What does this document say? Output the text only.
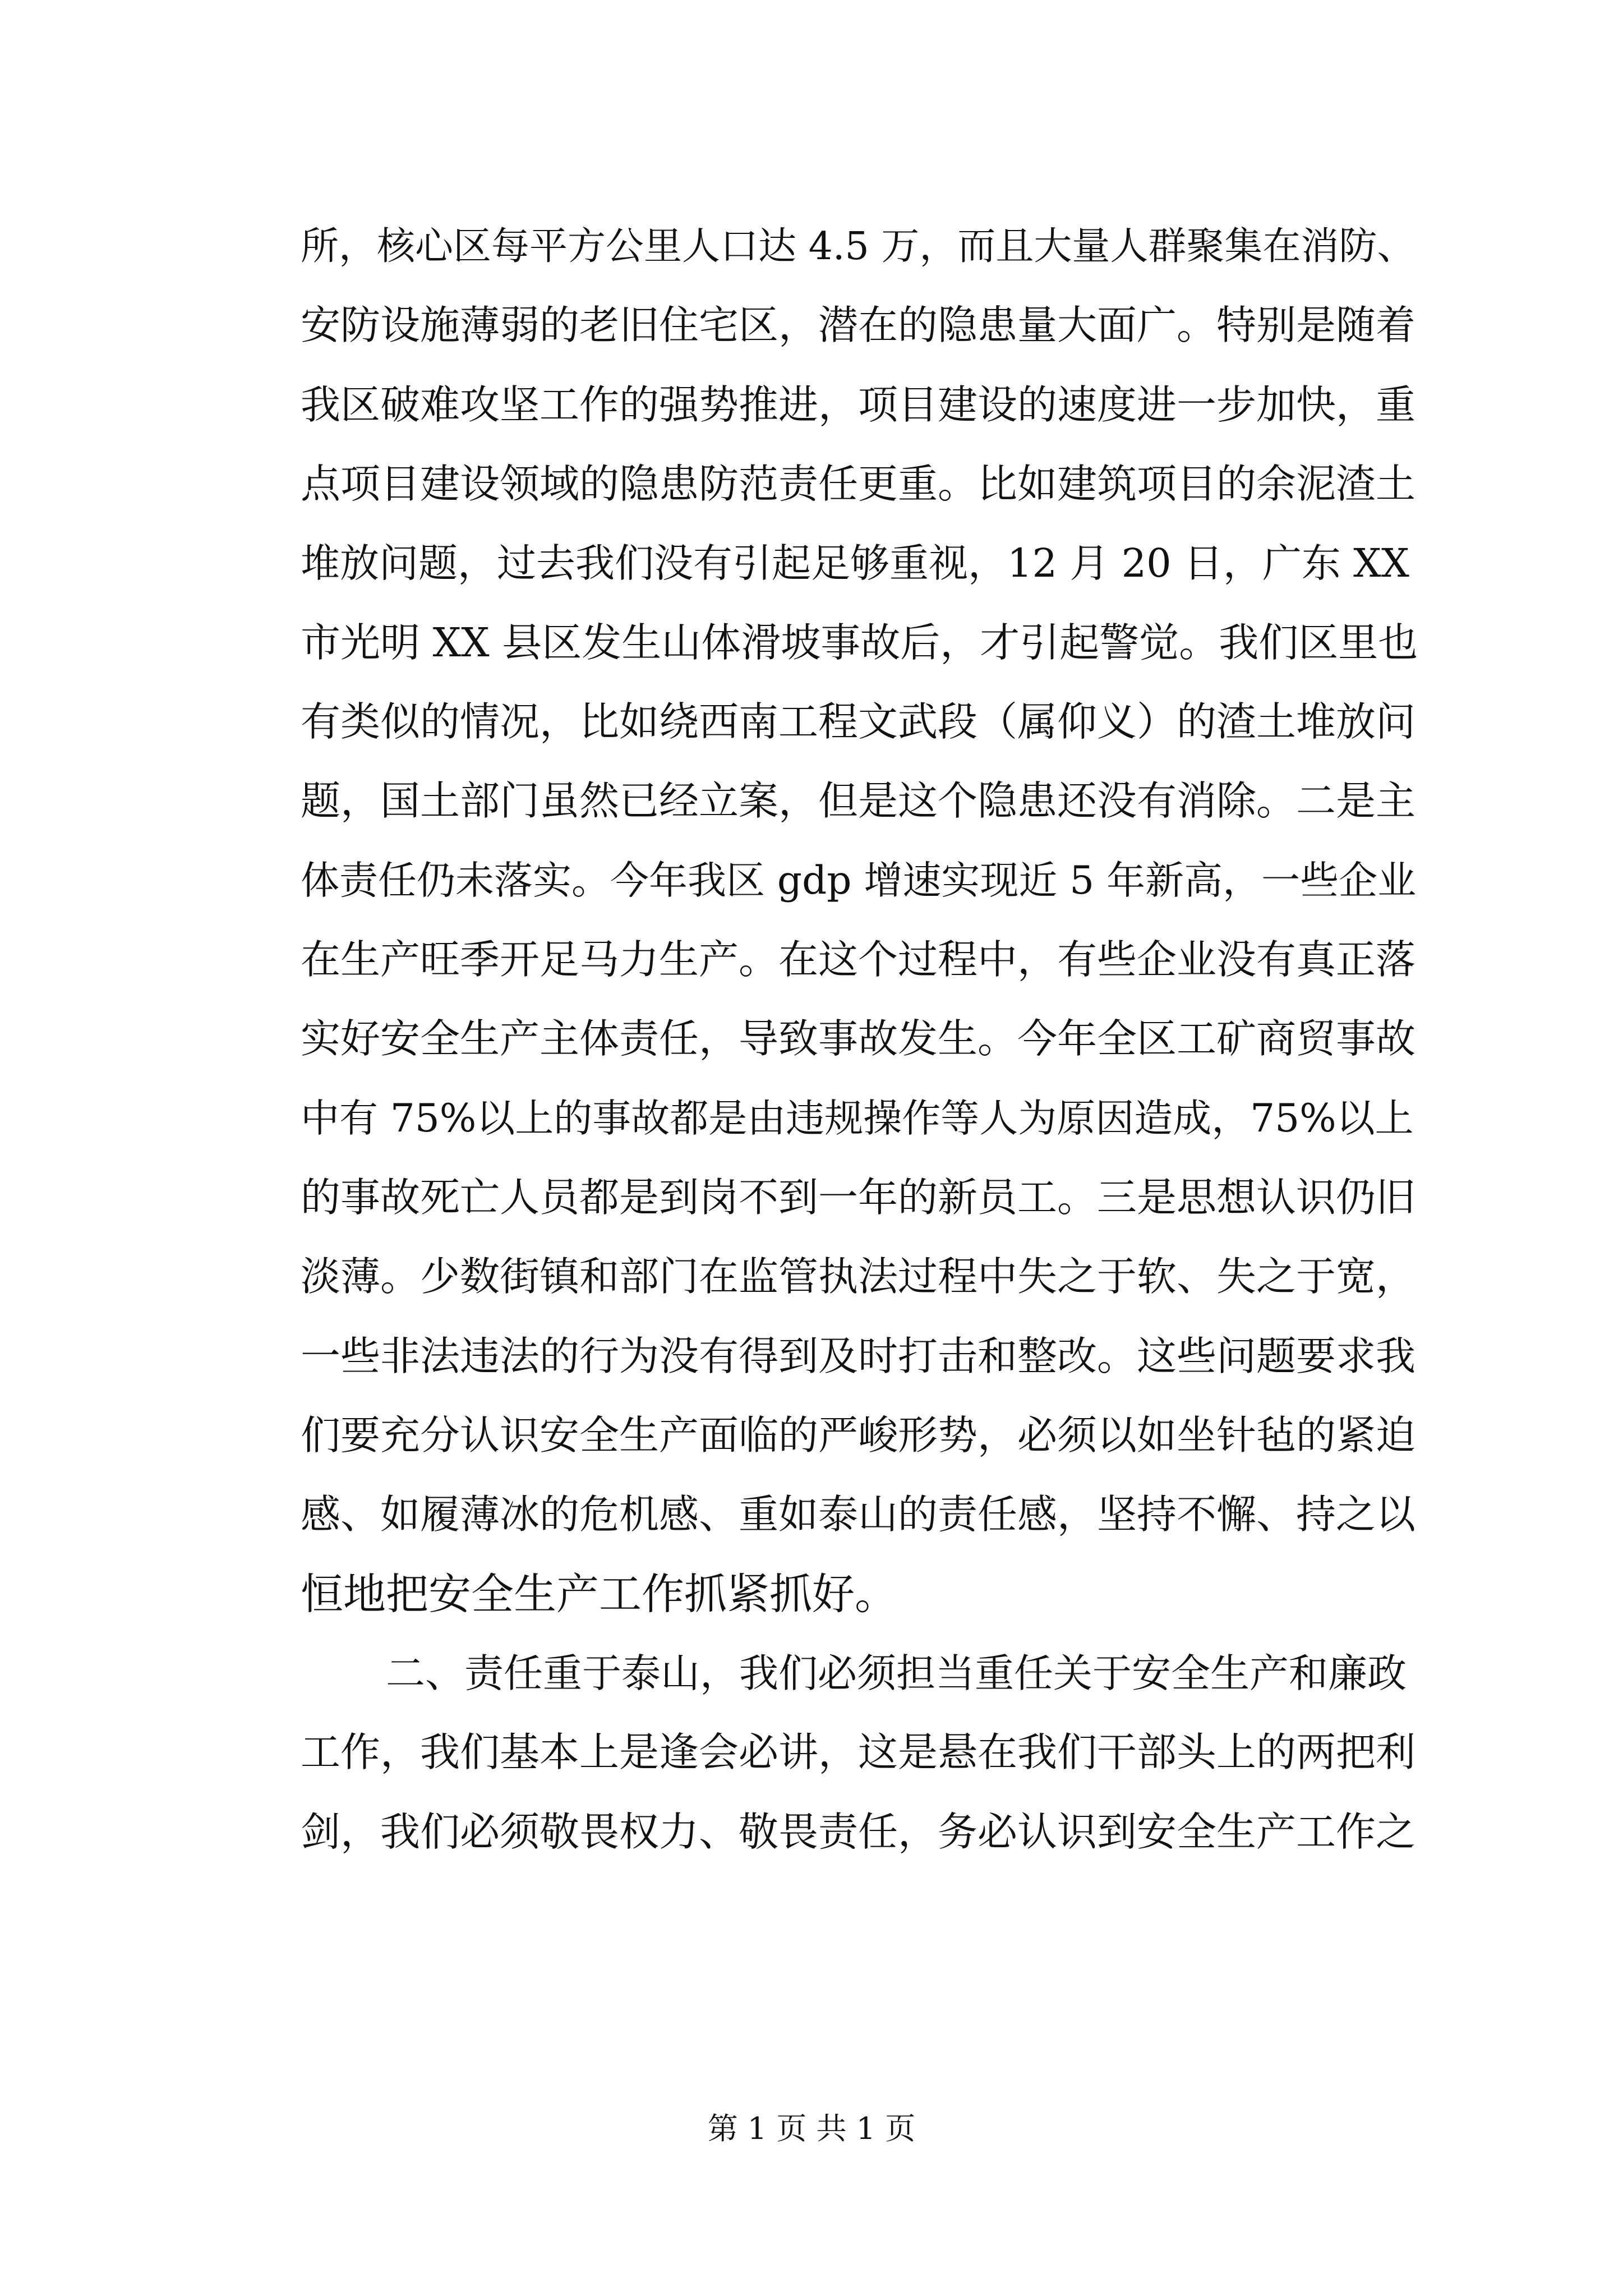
所，核心区每平方公里人口达 4.5 万，而且大量人群聚集在消防、
安防设施薄弱的老旧住宅区，潜在的隐患量大面广。特别是随着
我区破难攻坚工作的强势推进，项目建设的速度进一步加快，重
点项目建设领域的隐患防范责任更重。比如建筑项目的余泥渣土
堆放问题，过去我们没有引起足够重视，12 月 20 日，广东 XX
市光明 XX 县区发生山体滑坡事故后，才引起警觉。我们区里也
有类似的情况，比如绕西南工程文武段（属仰义）的渣土堆放问
题，国土部门虽然已经立案，但是这个隐患还没有消除。二是主
体责任仍未落实。今年我区 gdp 增速实现近 5 年新高，一些企业
在生产旺季开足马力生产。在这个过程中，有些企业没有真正落
实好安全生产主体责任，导致事故发生。今年全区工矿商贸事故
中有 75%以上的事故都是由违规操作等人为原因造成，75%以上
的事故死亡人员都是到岗不到一年的新员工。三是思想认识仍旧
淡薄。少数街镇和部门在监管执法过程中失之于软、失之于宽，
一些非法违法的行为没有得到及时打击和整改。这些问题要求我
们要充分认识安全生产面临的严峻形势，必须以如坐针毡的紧迫
感、如履薄冰的危机感、重如泰山的责任感，坚持不懈、持之以
恒地把安全生产工作抓紧抓好。
二、责任重于泰山，我们必须担当重任关于安全生产和廉政
工作，我们基本上是逢会必讲，这是悬在我们干部头上的两把利
剑，我们必须敬畏权力、敬畏责任，务必认识到安全生产工作之
第 1 页 共 1 页
